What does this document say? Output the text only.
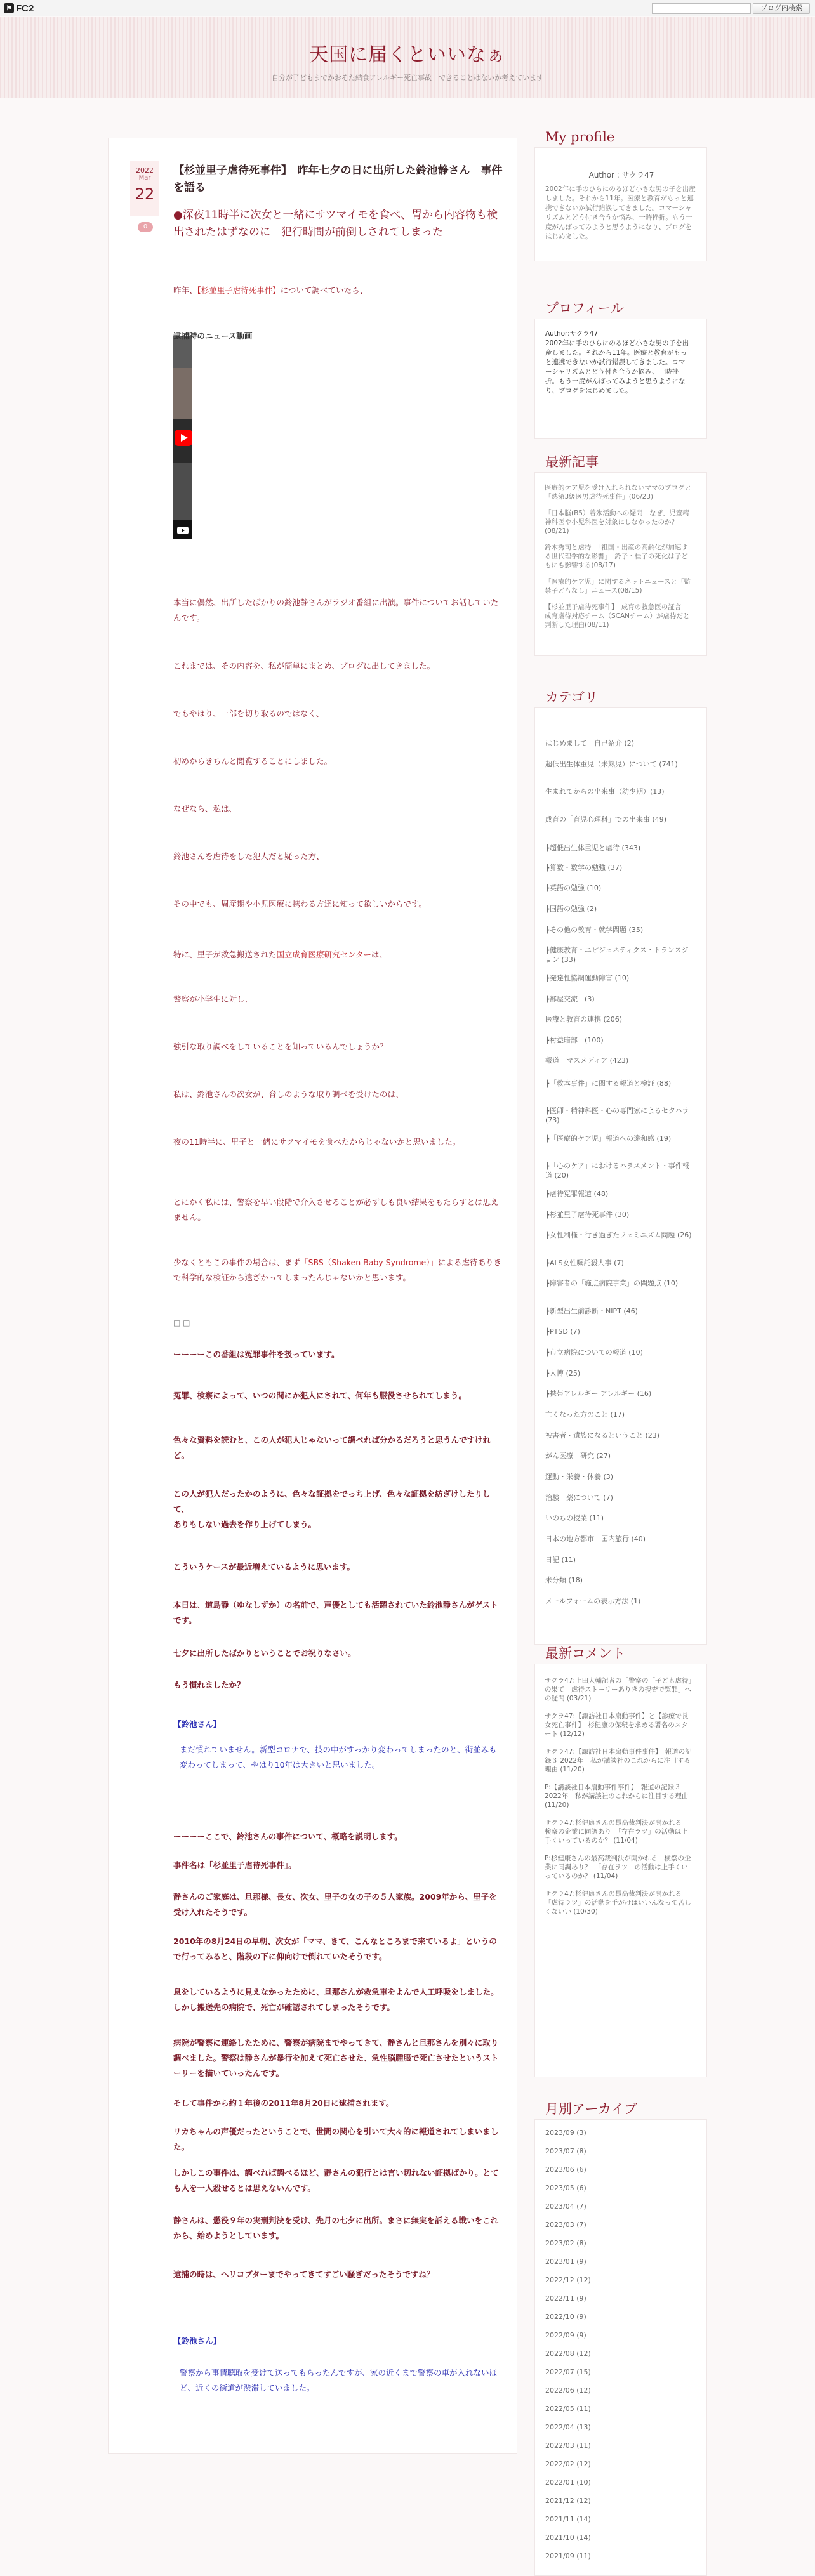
⚑ FC2	ブログ内検索
天国に届くといいなぁ
自分が子どもまでかおそた結食アレルギー死亡事故　できることはないか考えています
2022
Mar
22
0
【杉並里子虐待死事件】　昨年七夕の日に出所した鈴池静さん　事件を語る
●深夜11時半に次女と一緒にサツマイモを食べ、胃から内容物も検出されたはずなのに　犯行時間が前倒しされてしまった
昨年、【杉並里子虐待死事件】について調べていたら、
逮捕時のニュース動画
本当に偶然、出所したばかりの鈴池静さんがラジオ番組に出演。事件についてお話していたんです。
これまでは、その内容を、私が簡単にまとめ、ブログに出してきました。
でもやはり、一部を切り取るのではなく、
初めからきちんと閲覧することにしました。
なぜなら、私は、
鈴池さんを虐待をした犯人だと疑った方、
その中でも、周産期や小児医療に携わる方達に知って欲しいからです。
特に、里子が救急搬送された国立成育医療研究センターは、
警察が小学生に対し、
強引な取り調べをしていることを知っているんでしょうか？
私は、鈴池さんの次女が、脅しのような取り調べを受けたのは、
夜の11時半に、里子と一緒にサツマイモを食べたからじゃないかと思いました。
とにかく私には、警察を早い段階で介入させることが必ずしも良い結果をもたらすとは思えません。
少なくともこの事件の場合は、まず「SBS（Shaken Baby Syndrome）」による虐待ありきで科学的な検証から遠ざかってしまったんじゃないかと思います。
□ □
ーーーーこの番組は冤罪事件を扱っています。
冤罪、検察によって、いつの間にか犯人にされて、何年も服役させられてしまう。
色々な資料を読むと、この人が犯人じゃないって調べれば分かるだろうと思うんですけれど。
この人が犯人だったかのように、色々な証拠をでっち上げ、色々な証拠を紡ぎけしたりして、
ありもしない過去を作り上げてしまう。
こういうケースが最近増えているように思います。
本日は、道島静（ゆなしずか）の名前で、声優としても活躍されていた鈴池静さんがゲストです。
七夕に出所したばかりということでお祝りなさい。
もう慣れましたか？
【鈴池さん】
まだ慣れていません。新型コロナで、技の中がすっかり変わってしまったのと、街並みも変わってしまって、やはり10年は大きいと思いました。
ーーーーここで、鈴池さんの事件について、概略を説明します。
事件名は「杉並里子虐待死事件」。
静さんのご家庭は、旦那様、長女、次女、里子の女の子の５人家族。2009年から、里子を受け入れたそうです。
2010年の8月24日の早朝、次女が「ママ、きて、こんなところまで来ているよ」というので行ってみると、階段の下に仰向けで倒れていたそうです。
息をしているように見えなかったために、旦那さんが救急車をよんで人工呼吸をしました。しかし搬送先の病院で、死亡が確認されてしまったそうです。
病院が警察に連絡したために、警察が病院までやってきて、静さんと旦那さんを別々に取り調べました。警察は静さんが暴行を加えて死亡させた、急性脳腫脹で死亡させたというストーリーを描いていったんです。
そして事件から約１年後の2011年8月20日に逮捕されます。
リカちゃんの声優だったということで、世間の関心を引いて大々的に報道されてしまいました。
しかしこの事件は、調べれば調べるほど、静さんの犯行とは言い切れない証拠ばかり。とても人を一人殺せるとは思えないんです。
静さんは、懲役９年の実刑判決を受け、先月の七夕に出所。まさに無実を訴える戦いをこれから、始めようとしています。
逮捕の時は、ヘリコプターまでやってきてすごい騒ぎだったそうですね？
【鈴池さん】
警察から事情聴取を受けて送ってもらったんですが、家の近くまで警察の車が入れないほど、近くの街道が渋滞していました。
My profile
Author : サクラ47
2002年に手のひらにのるほど小さな男の子を出産しました。それから11年。医療と教育がもっと連携できないか試行錯誤してきました。コマーシャリズムとどう付き合うか悩み、一時挫折。もう一度がんばってみようと思うようになり、ブログをはじめました。
プロフィール
Author:サクラ47
2002年に手のひらにのるほど小さな男の子を出産しました。それから11年。医療と教育がもっと連携できないか試行錯誤してきました。コマーシャリズムとどう付き合うか悩み、一時挫折。もう一度がんばってみようと思うようになり、ブログをはじめました。
最新記事
医療的ケア児を受け入れられないママのブログと「熱第3級医男虐待死事件」(06/23)
「日本脳(B5）着氷活動への疑問　なぜ、児童精神科医や小児科医を対象にしなかったのか？(08/21)
鈴木秀司と虐待　「祖国・出産の高齢化が加速する世代理学的な影響」　鈴子・桂子の死化は子どもにも影響する(08/17)
「医療的ケア児」に関するネットニュースと「監禁子どもなし」ニュース(08/15)
【杉並里子虐待死事件】　成育の救急医の証言　成育虐待対応チーム（SCANチーム）が虐待だと判断した理由(08/11)
カテゴリ
はじめまして　自己紹介 (2)
超低出生体重児（未熟児）について (741)
生まれてからの出来事（幼少期）(13)
成育の「育児心理科」での出来事 (49)
┣ 超低出生体重児と虐待 (343)
┣ 算数・数学の勉強 (37)
┣ 英語の勉強 (10)
┣ 国語の勉強 (2)
┣ その他の教育・就学問題 (35)
┣ 健康教育・エピジェネティクス・トランスジョン (33)
┣ 発達性協調運動障害 (10)
┣ 部屋交流　(3)
医療と教育の連携 (206)
┣ 村益暗部　(100)
報道　マスメディア (423)
┣ 「救本事件」に関する報道と検証 (88)
┣ 医師・精神科医・心の専門家によるセクハラ (73)
┣ 「医療的ケア児」報道への違和感 (19)
┣ 「心のケア」におけるハラスメント・事件報道 (20)
┣ 虐待冤罪報道 (48)
┣ 杉並里子虐待死事件 (30)
┣ 女性利権・行き過ぎたフェミニズム問題 (26)
┣ ALS女性嘱託殺人事 (7)
┣ 障害者の「施点病院事業」の問題点 (10)
┣ 新型出生前診断・NIPT (46)
┣ PTSD (7)
┣ 市立病院についての報道 (10)
┣ 入博 (25)
┣ 携帯アレルギー アレルギー (16)
亡くなった方のこと (17)
被害者・遺族になるということ (23)
がん医療　研究 (27)
運動・栄養・休養 (3)
治験　薬について (7)
いのちの授業 (11)
日本の地方都市　国内旅行 (40)
日記 (11)
未分類 (18)
メールフォームの表示方法 (1)
最新コメント
サクラ47:上田大輔記者の「警察の「子ども虐待」の果て　虐待ストーリーありきの捜査で冤罪」への疑問 (03/21)
サクラ47:【諏訪社日本扇動事件】と【診療で長女死亡事件】　杉健康の保釈を求める署名のスタート (12/12)
サクラ47:【諏訪社日本扇動事件事件】　報道の記録３ 2022年　私が講談社のこれからに注目する理由 (11/20)
P:【講談社日本扇動事件事件】　報道の記録３ 2022年　私が講談社のこれからに注目する理由 (11/20)
サクラ47:杉健康さんの最高裁判決が開かれる　検察の企業に同調あり　「存在ラツ」の活動は上手くいっているのか？ (11/04)
P:杉健康さんの最高裁判決が開かれる　検察の企業に同調あり？　「存在ラツ」の活動は上手くいっているのか？ (11/04)
サクラ47:杉健康さんの最高裁判決が開かれる　「虐待ラツ」の活動を手がけはいいんなって苦しくないい (10/30)
月別アーカイブ
2023/09 (3)
2023/07 (8)
2023/06 (6)
2023/05 (6)
2023/04 (7)
2023/03 (7)
2023/02 (8)
2023/01 (9)
2022/12 (12)
2022/11 (9)
2022/10 (9)
2022/09 (9)
2022/08 (12)
2022/07 (15)
2022/06 (12)
2022/05 (11)
2022/04 (13)
2022/03 (11)
2022/02 (12)
2022/01 (10)
2021/12 (12)
2021/11 (14)
2021/10 (14)
2021/09 (11)
